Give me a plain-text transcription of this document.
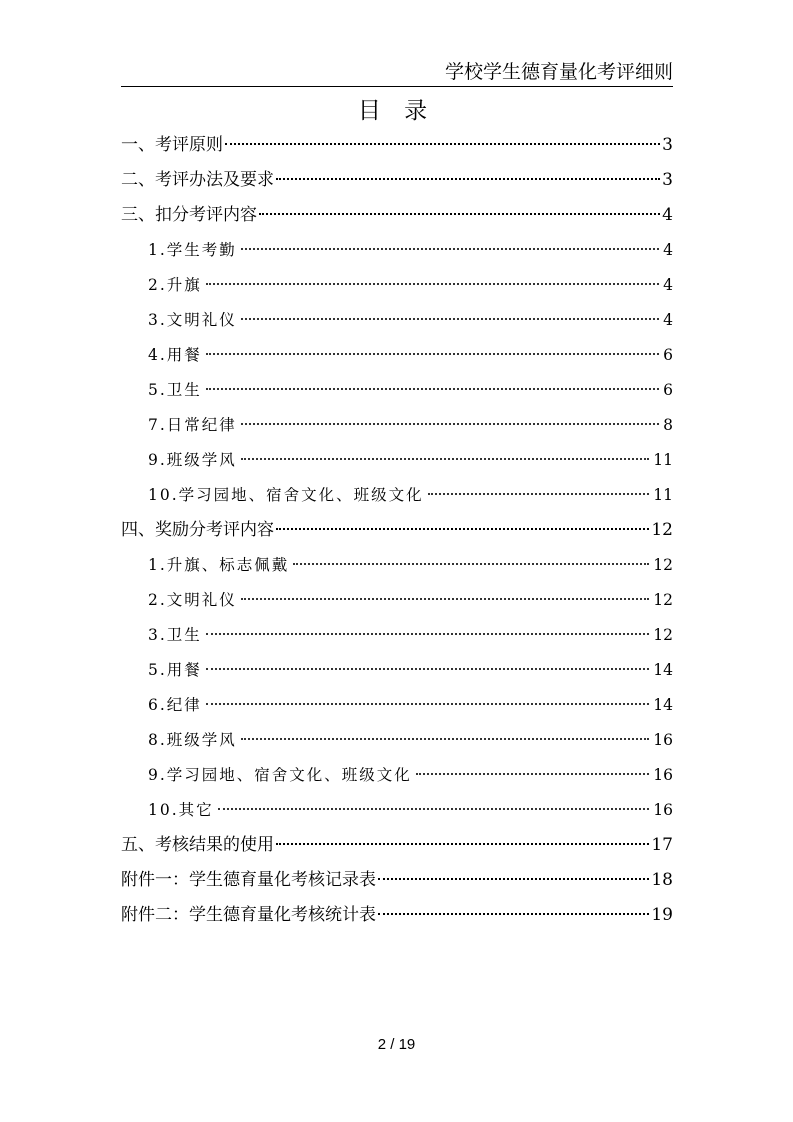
学校学生德育量化考评细则
目 录
一、考评原则	3
二、考评办法及要求	3
三、扣分考评内容	4
1.学生考勤	4
2.升旗	4
3.文明礼仪	4
4.用餐	6
5.卫生	6
7.日常纪律	8
9.班级学风	11
10.学习园地、宿舍文化、班级文化	11
四、奖励分考评内容	12
1.升旗、标志佩戴	12
2.文明礼仪	12
3.卫生	12
5.用餐	14
6.纪律	14
8.班级学风	16
9.学习园地、宿舍文化、班级文化	16
10.其它	16
五、考核结果的使用	17
附件一：学生德育量化考核记录表	18
附件二：学生德育量化考核统计表	19
2 / 19
